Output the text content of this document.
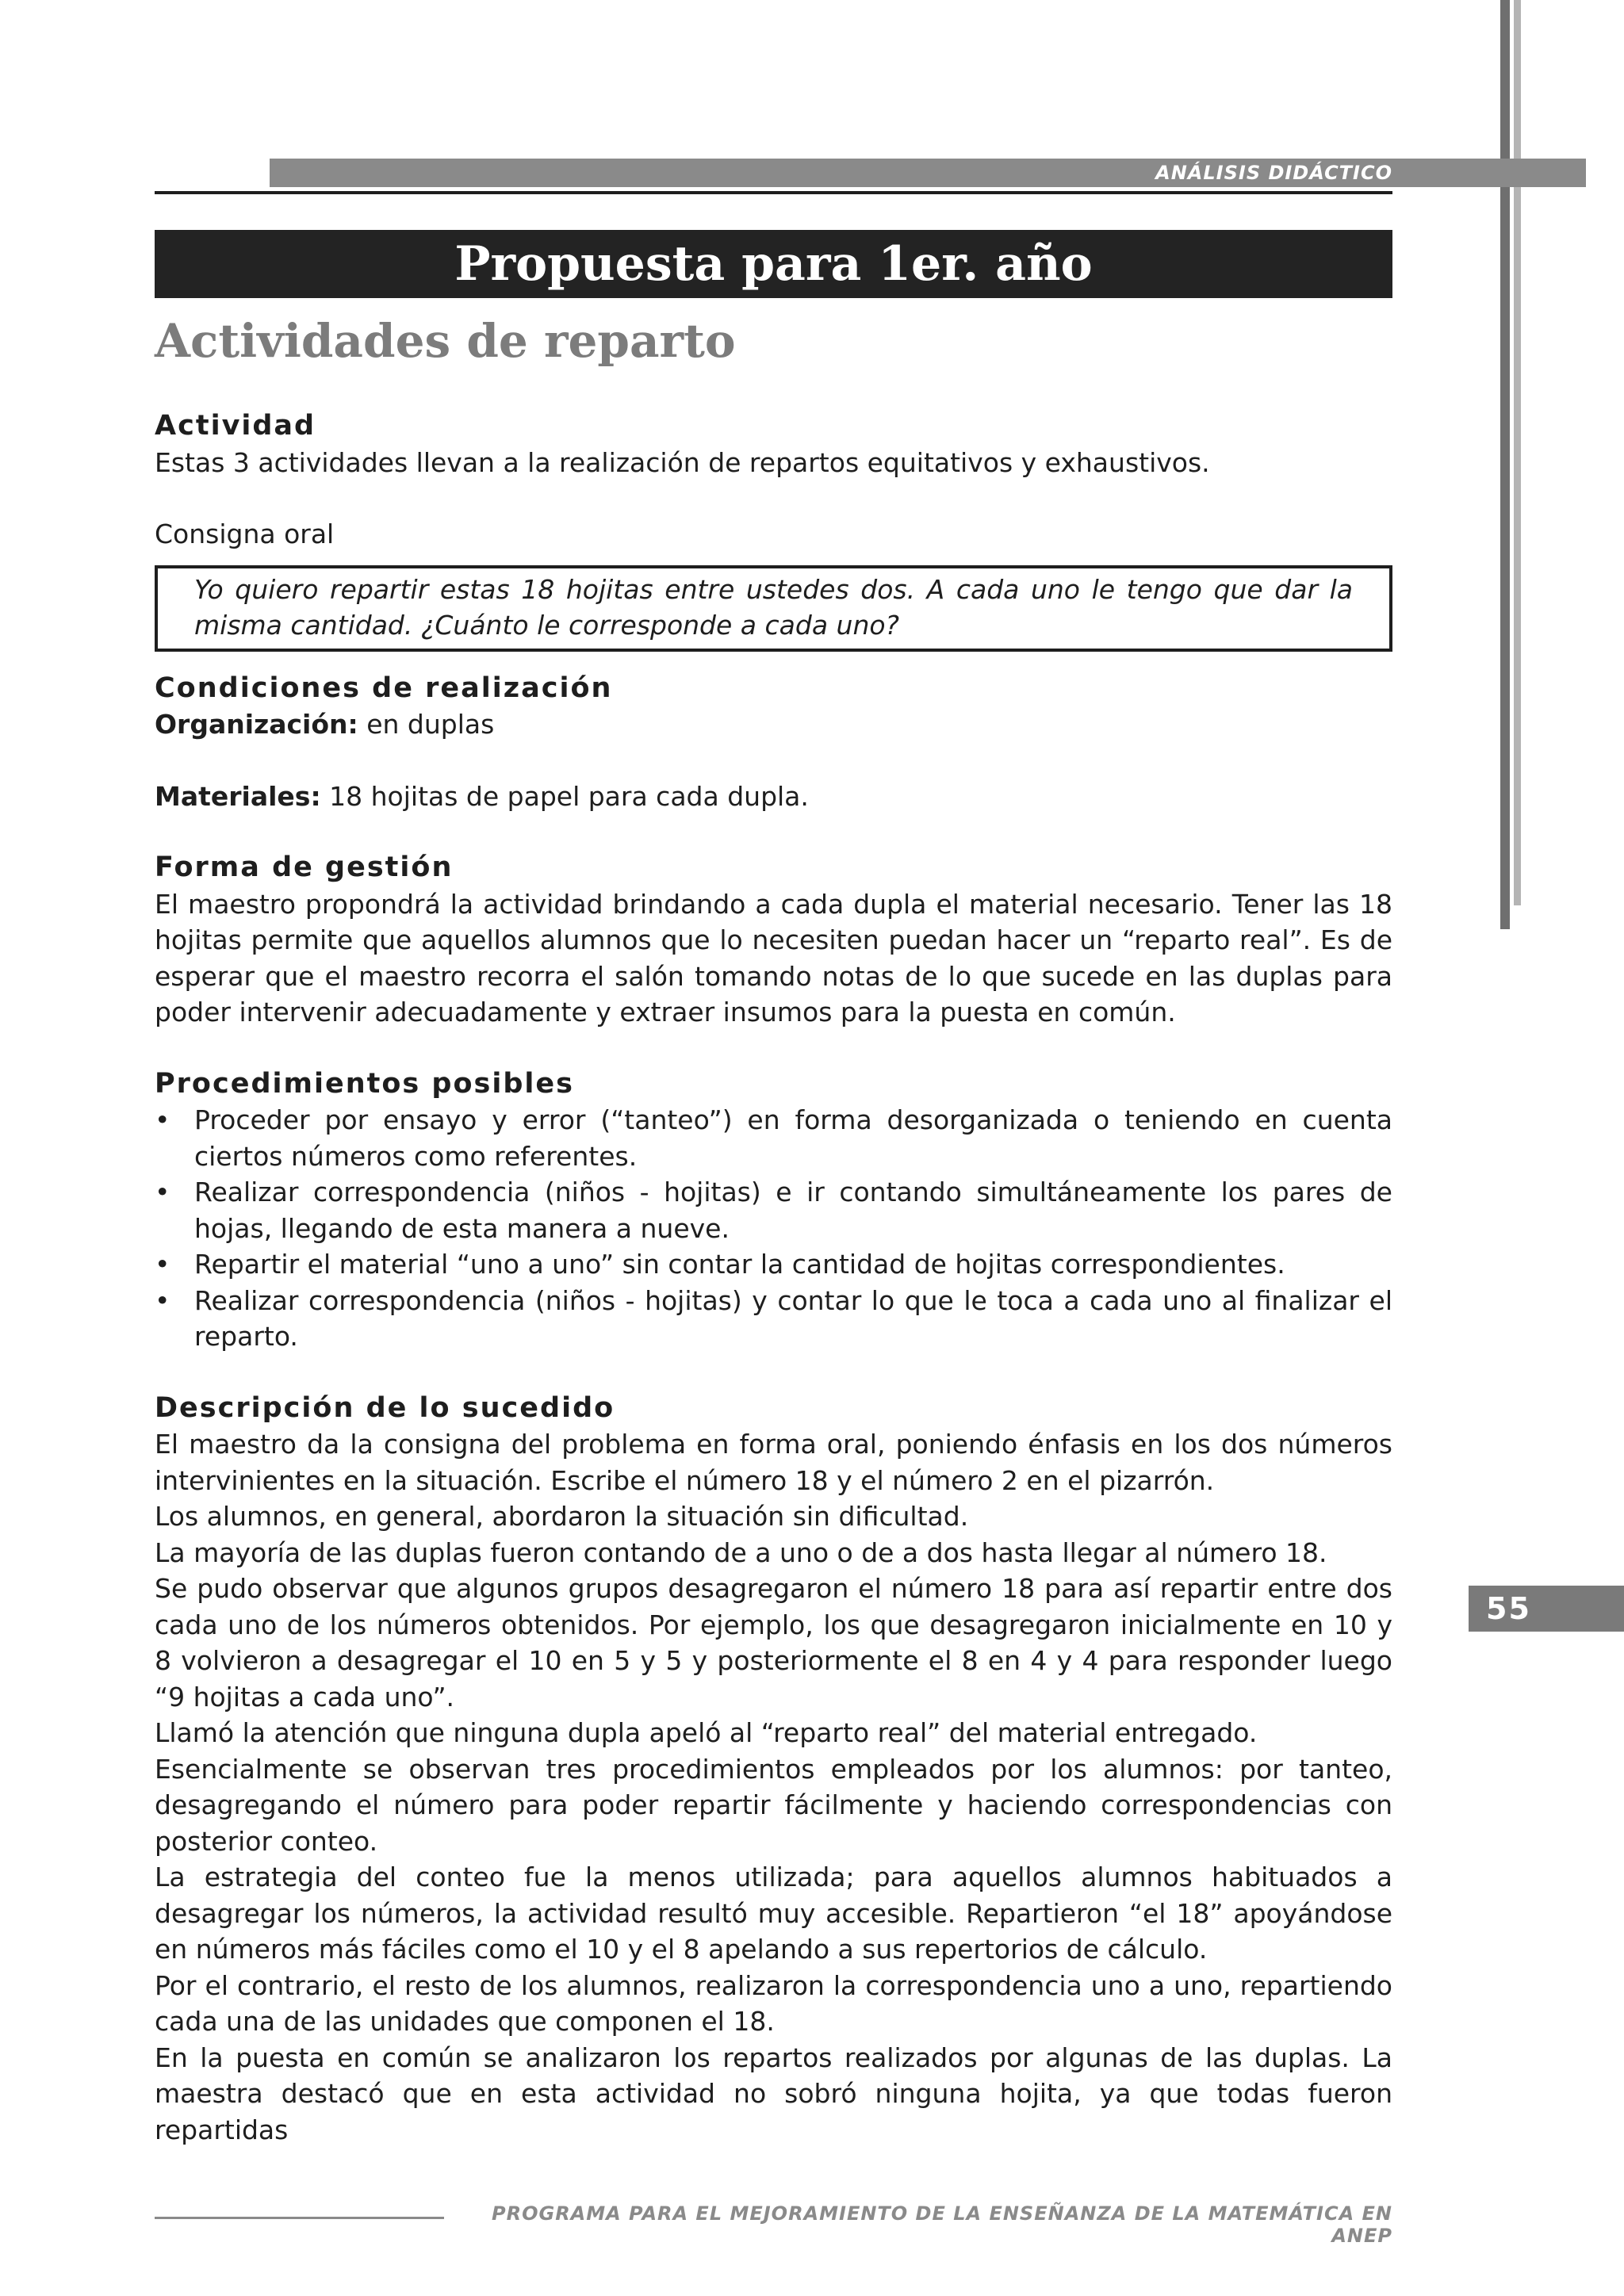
ANÁLISIS DIDÁCTICO
Propuesta para 1er. año
Actividades de reparto

Actividad

Estas 3 actividades llevan a la realización de repartos equitativos y exhaustivos.

Consigna oral

Yo quiero repartir estas 18 hojitas entre ustedes dos. A cada uno le tengo que dar la misma cantidad. ¿Cuánto le corresponde a cada uno?

Condiciones de realización

Organización: en duplas

Materiales: 18 hojitas de papel para cada dupla.

Forma de gestión

El maestro propondrá la actividad brindando a cada dupla el material necesario. Tener las 18 hojitas permite que aquellos alumnos que lo necesiten puedan hacer un “reparto real”. Es de esperar que el maestro recorra el salón tomando notas de lo que sucede en las duplas para poder intervenir adecuadamente y extraer insumos para la puesta en común.

Procedimientos posibles

• Proceder por ensayo y error (“tanteo”) en forma desorganizada o teniendo en cuenta ciertos números como referentes.
• Realizar correspondencia (niños - hojitas) e ir contando simultáneamente los pares de hojas, llegando de esta manera a nueve.
• Repartir el material “uno a uno” sin contar la cantidad de hojitas correspondientes.
• Realizar correspondencia (niños - hojitas) y contar lo que le toca a cada uno al finalizar el reparto.

Descripción de lo sucedido

El maestro da la consigna del problema en forma oral, poniendo énfasis en los dos números intervinientes en la situación. Escribe el número 18 y el número 2 en el pizarrón.

Los alumnos, en general, abordaron la situación sin dificultad.

La mayoría de las duplas fueron contando de a uno o de a dos hasta llegar al número 18.

Se pudo observar que algunos grupos desagregaron el número 18 para así repartir entre dos cada uno de los números obtenidos. Por ejemplo, los que desagregaron inicialmente en 10 y 8 volvieron a desagregar el 10 en 5 y 5 y posteriormente el 8 en 4 y 4 para responder luego “9 hojitas a cada uno”.

Llamó la atención que ninguna dupla apeló al “reparto real” del material entregado.

Esencialmente se observan tres procedimientos empleados por los alumnos: por tanteo, desagregando el número para poder repartir fácilmente y haciendo correspondencias con posterior conteo.

La estrategia del conteo fue la menos utilizada; para aquellos alumnos habituados a desagregar los números, la actividad resultó muy accesible. Repartieron “el 18” apoyándose en números más fáciles como el 10 y el 8 apelando a sus repertorios de cálculo.

Por el contrario, el resto de los alumnos, realizaron la correspondencia uno a uno, repartiendo cada una de las unidades que componen el 18.

En la puesta en común se analizaron los repartos realizados por algunas de las duplas. La maestra destacó que en esta actividad no sobró ninguna hojita, ya que todas fueron repartidas

55
PROGRAMA PARA EL MEJORAMIENTO DE LA ENSEÑANZA DE LA MATEMÁTICA EN ANEP
